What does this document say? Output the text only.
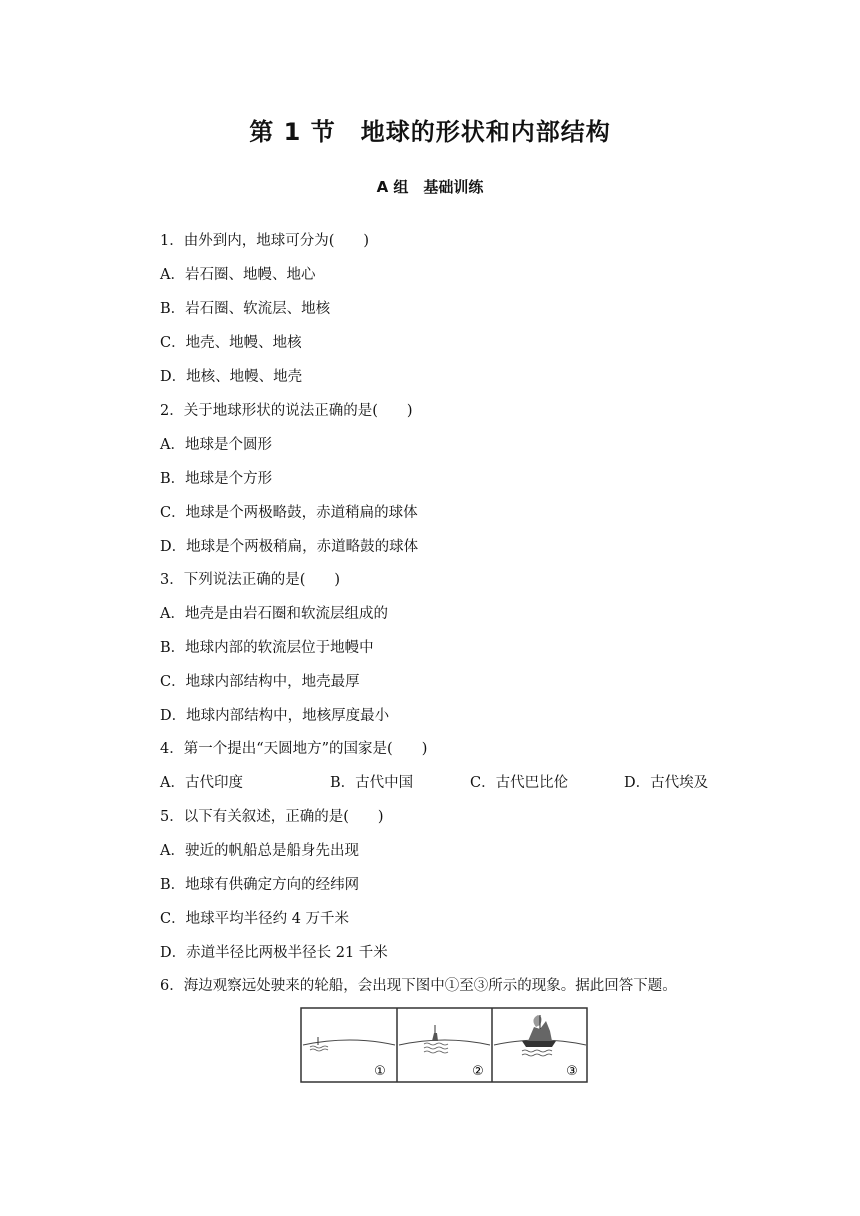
第 1 节　地球的形状和内部结构
A 组　基础训练
1．由外到内，地球可分为(　　)
A．岩石圈、地幔、地心
B．岩石圈、软流层、地核
C．地壳、地幔、地核
D．地核、地幔、地壳
2．关于地球形状的说法正确的是(　　)
A．地球是个圆形
B．地球是个方形
C．地球是个两极略鼓，赤道稍扁的球体
D．地球是个两极稍扁，赤道略鼓的球体
3．下列说法正确的是(　　)
A．地壳是由岩石圈和软流层组成的
B．地球内部的软流层位于地幔中
C．地球内部结构中，地壳最厚
D．地球内部结构中，地核厚度最小
4．第一个提出“天圆地方”的国家是(　　)
A．古代印度	B．古代中国	C．古代巴比伦	D．古代埃及
5．以下有关叙述，正确的是(　　)
A．驶近的帆船总是船身先出现
B．地球有供确定方向的经纬网
C．地球平均半径约 4 万千米
D．赤道半径比两极半径长 21 千米
6．海边观察远处驶来的轮船，会出现下图中①至③所示的现象。据此回答下题。
①	②	③
